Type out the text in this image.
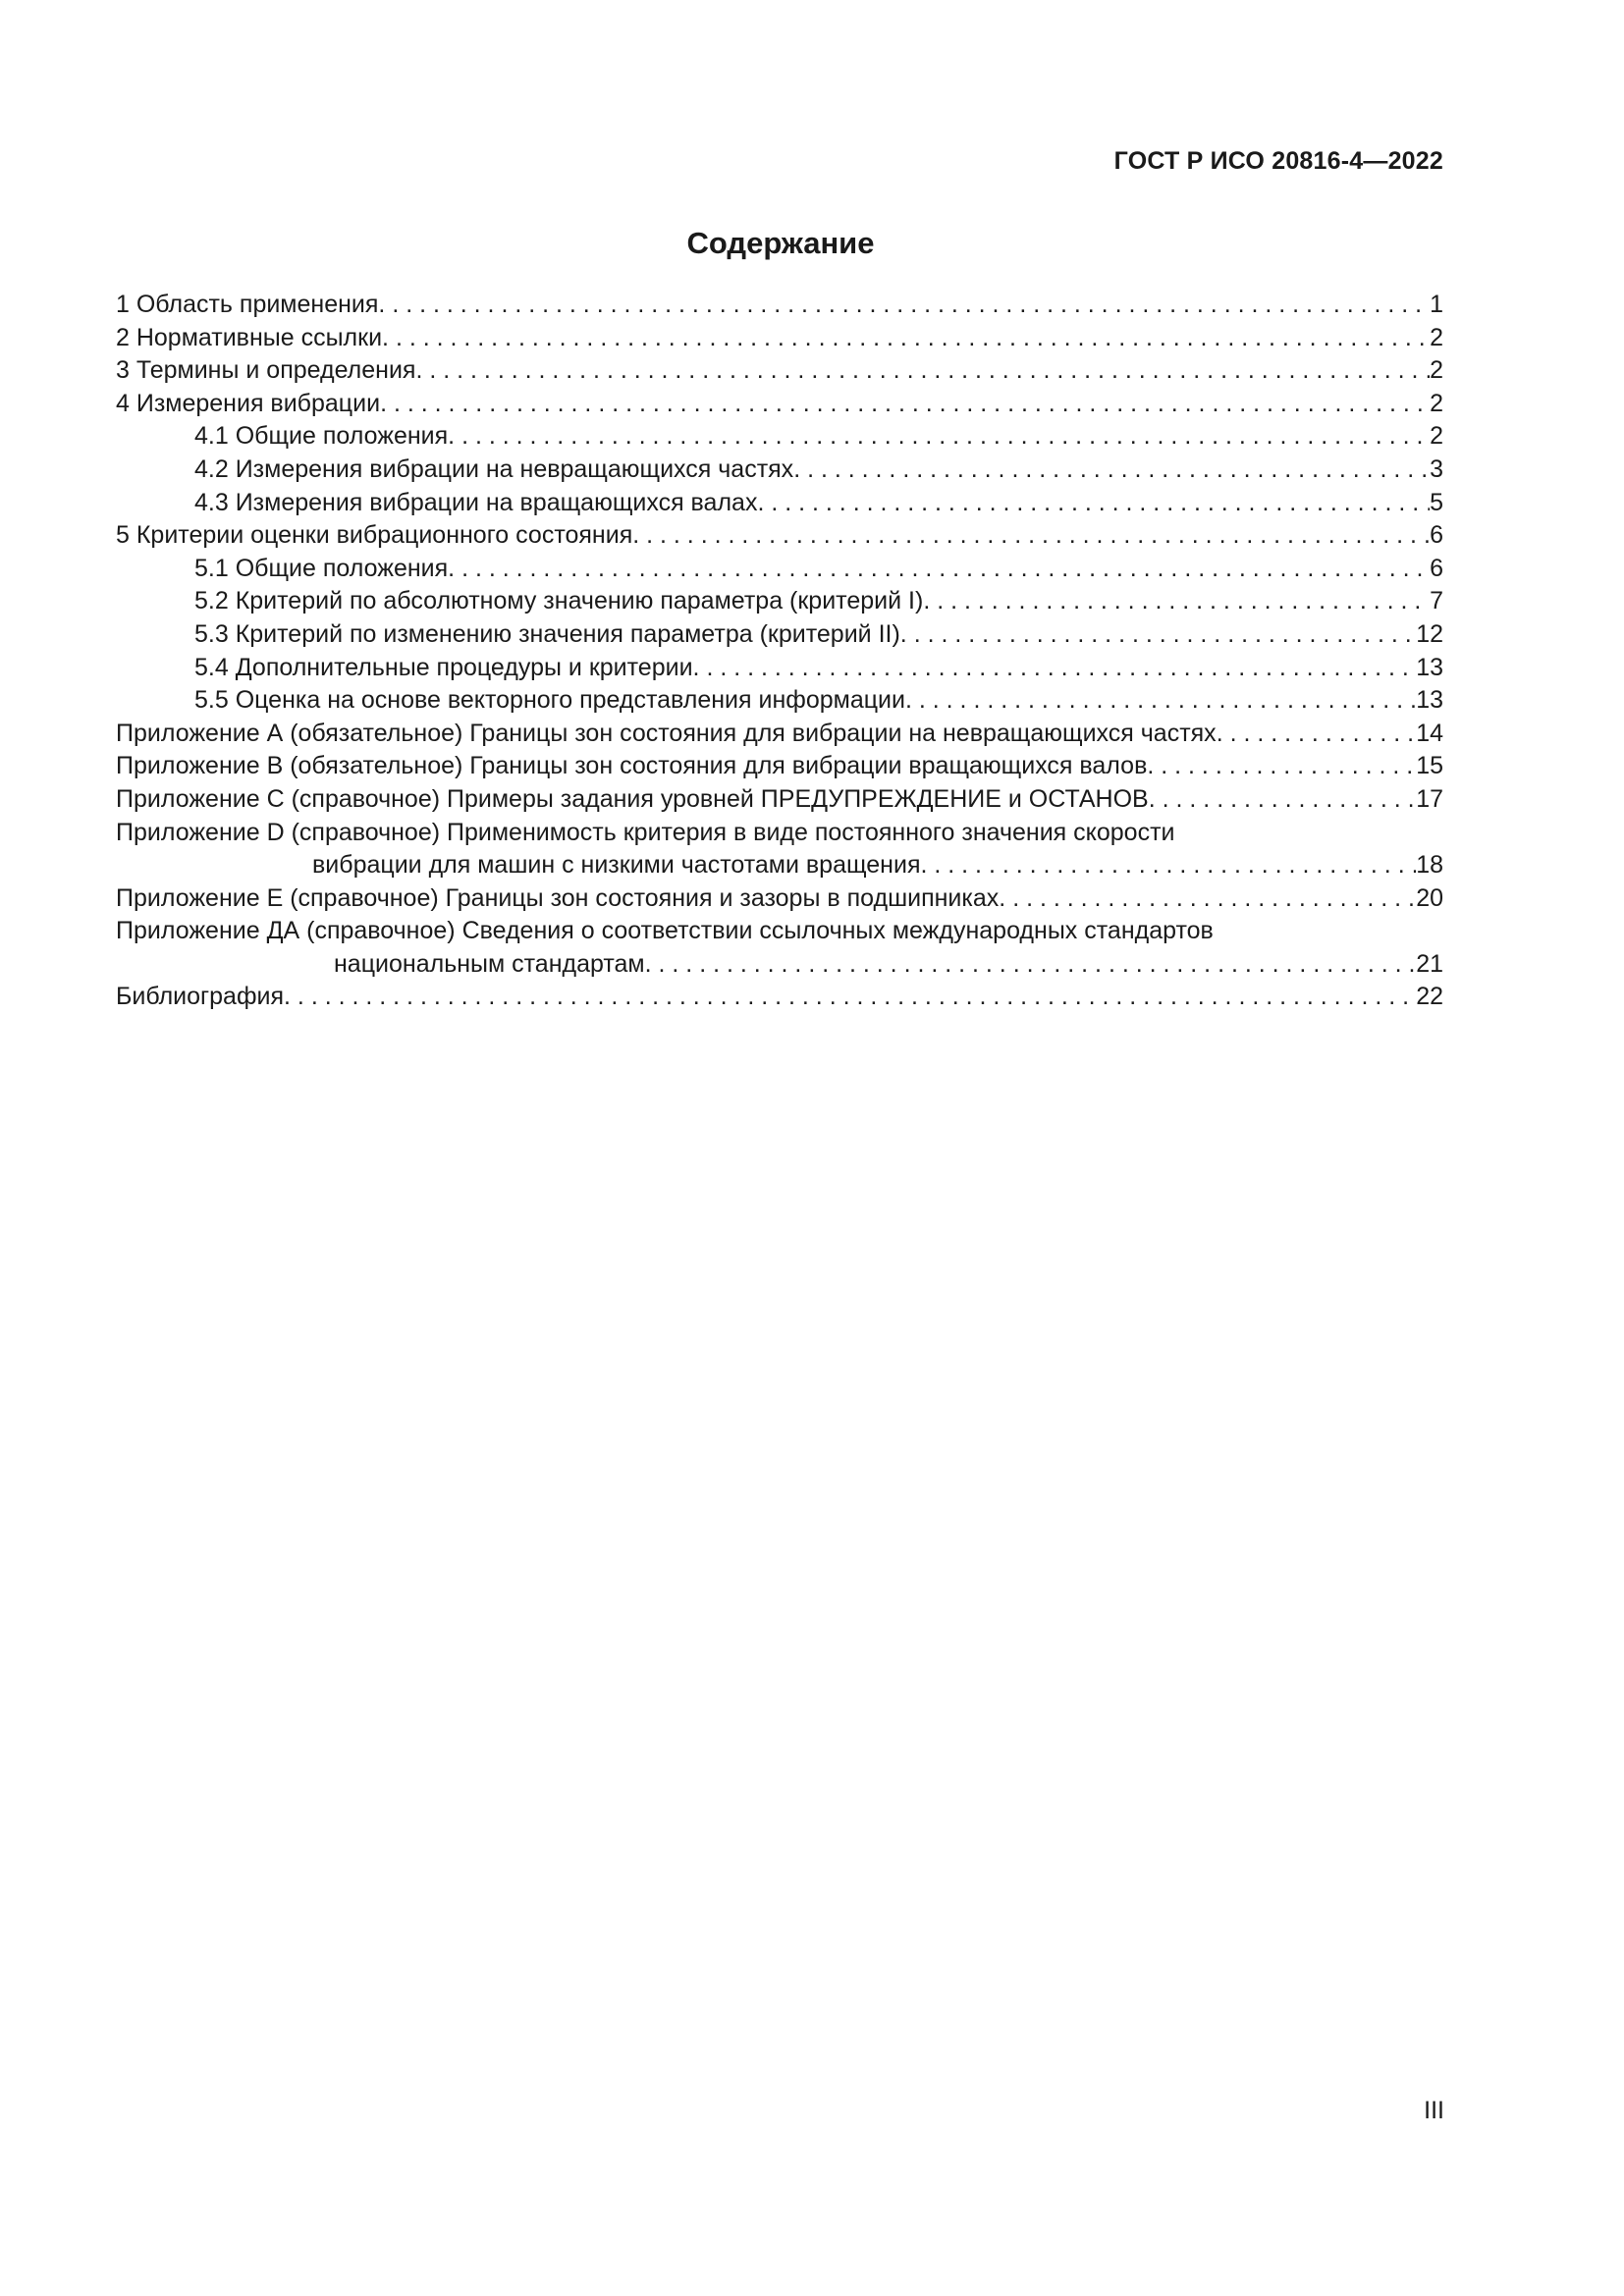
ГОСТ Р ИСО 20816-4—2022
Содержание
1 Область применения . . .	1
2 Нормативные ссылки . . .	2
3 Термины и определения . . .	2
4 Измерения вибрации . . .	2
4.1 Общие положения . . .	2
4.2 Измерения вибрации на невращающихся частях . . .	3
4.3 Измерения вибрации на вращающихся валах . . .	5
5 Критерии оценки вибрационного состояния . . .	6
5.1 Общие положения . . .	6
5.2 Критерий по абсолютному значению параметра (критерий I) . . .	7
5.3 Критерий по изменению значения параметра (критерий II) . . .	12
5.4 Дополнительные процедуры и критерии . . .	13
5.5 Оценка на основе векторного представления информации . . .	13
Приложение А (обязательное) Границы зон состояния для вибрации на невращающихся частях . . .	14
Приложение В (обязательное) Границы зон состояния для вибрации вращающихся валов . . .	15
Приложение С (справочное) Примеры задания уровней ПРЕДУПРЕЖДЕНИЕ и ОСТАНОВ . . .	17
Приложение D (справочное) Применимость критерия в виде постоянного значения скорости
вибрации для машин с низкими частотами вращения . . .	18
Приложение Е (справочное) Границы зон состояния и зазоры в подшипниках . . .	20
Приложение ДА (справочное) Сведения о соответствии ссылочных международных стандартов
национальным стандартам . . .	21
Библиография . . .	22
III
